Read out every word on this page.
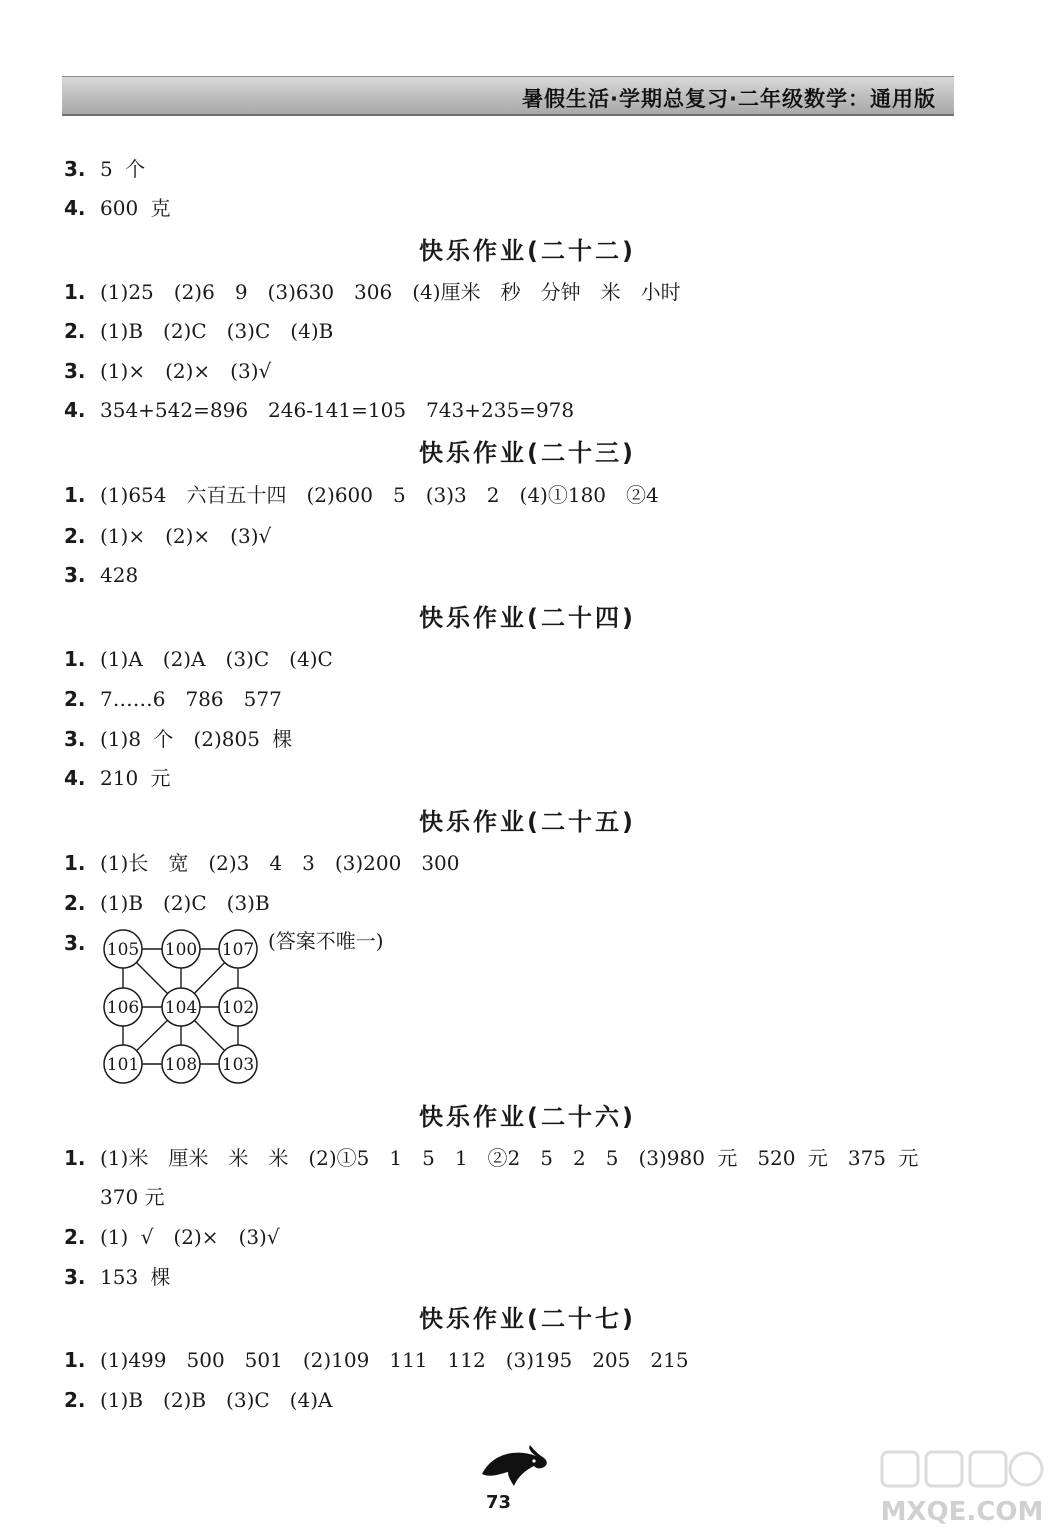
暑假生活·学期总复习·二年级数学：通用版
3. 5 个
4. 600 克
快乐作业(二十二)
1. (1)25　(2)6　9　(3)630　306　(4)厘米　秒　分钟　米　小时
2. (1)B　(2)C　(3)C　(4)B
3. (1)×　(2)×　(3)√
4. 354+542=896　246-141=105　743+235=978
快乐作业(二十三)
1. (1)654　六百五十四　(2)600　5　(3)3　2　(4)①180　②4
2. (1)×　(2)×　(3)√
3. 428
快乐作业(二十四)
1. (1)A　(2)A　(3)C　(4)C
2. 7……6　786　577
3. (1)8 个　(2)805 棵
4. 210 元
快乐作业(二十五)
1. (1)长　宽　(2)3　4　3　(3)200　300
2. (1)B　(2)C　(3)B
3.	105 100 107
106 104 102
101 108 103
(答案不唯一)
快乐作业(二十六)
1. (1)米　厘米　米　米　(2)①5　1　5　1　②2　5　2　5　(3)980 元　520 元　375 元
370 元
2. (1) √　(2)×　(3)√
3. 153 棵
快乐作业(二十七)
1. (1)499　500　501　(2)109　111　112　(3)195　205　215
2. (1)B　(2)B　(3)C　(4)A
73	MXQE.COM
